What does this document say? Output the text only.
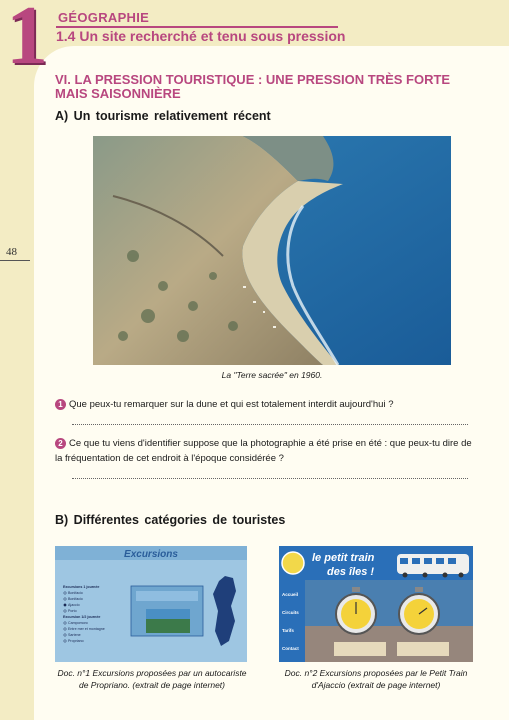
1 GÉOGRAPHIE
1.4 Un site recherché et tenu sous pression
48
VI. LA PRESSION TOURISTIQUE : UNE PRESSION TRÈS FORTE MAIS SAISONNIÈRE
A) Un tourisme relativement récent
La "Terre sacrée" en 1960.
1 Que peux-tu remarquer sur la dune et qui est totalement interdit aujourd'hui ?
2 Ce que tu viens d'identifier suppose que la photographie a été prise en été : que peux-tu dire de la fréquentation de cet endroit à l'époque considérée ?
B) Différentes catégories de touristes
Excursions
Excursions 1 journée
Bonifacio
Bonifacio
Ajaccio
Porto
Excursion 1/2 journée
Campomoro
Entre mer et montagne
Sartene
Propriano
Doc. n°1 Excursions proposées par un autocariste de Propriano. (extrait de page internet)
le petit train
des îles !
Accueil
Circuits
Tarifs
Contact
Doc. n°2 Excursions proposées par le Petit Train d'Ajaccio (extrait de page internet)
